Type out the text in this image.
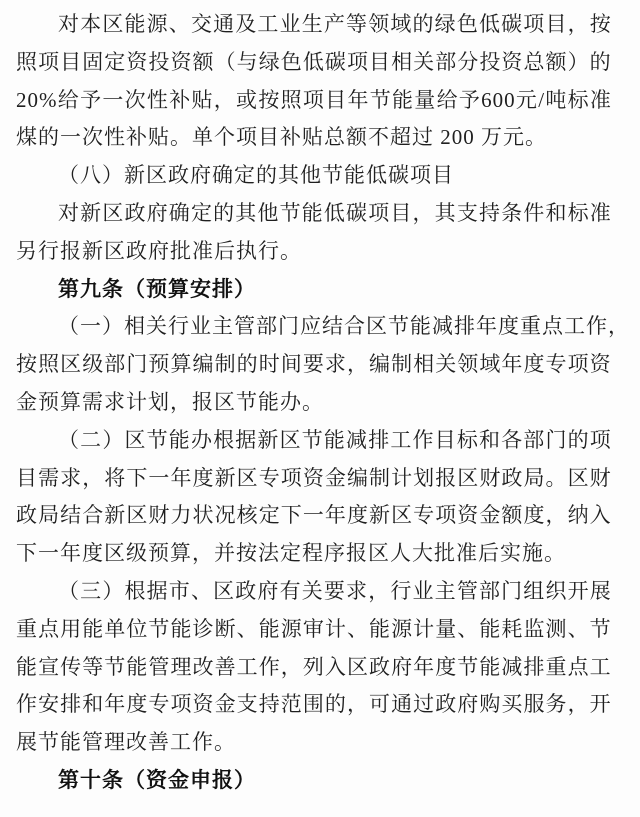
对 本 区 能 源 、 交 通 及 工 业 生 产 等 领 域 的 绿 色 低 碳 项 目 ， 按
照 项 目 固 定 资 投 资 额 （ 与 绿 色 低 碳 项 目 相 关 部 分 投 资 总 额 ） 的
20% 给 予 一 次 性 补 贴 ， 或 按 照 项 目 年 节 能 量 给 予 600 元 / 吨 标 准
煤的一次性补贴。单个项目补贴总额不超过 200 万元。
（八）新区政府确定的其他节能低碳项目
对 新 区 政 府 确 定 的 其 他 节 能 低 碳 项 目 ， 其 支 持 条 件 和 标 准
另行报新区政府批准后执行。
第九条（预算安排）
（ 一 ） 相 关 行 业 主 管 部 门 应 结 合 区 节 能 减 排 年 度 重 点 工 作 ，
按 照 区 级 部 门 预 算 编 制 的 时 间 要 求 ， 编 制 相 关 领 域 年 度 专 项 资
金预算需求计划，报区节能办。
（ 二 ） 区 节 能 办 根 据 新 区 节 能 减 排 工 作 目 标 和 各 部 门 的 项
目 需 求 ， 将 下 一 年 度 新 区 专 项 资 金 编 制 计 划 报 区 财 政 局 。 区 财
政 局 结 合 新 区 财 力 状 况 核 定 下 一 年 度 新 区 专 项 资 金 额 度 ， 纳 入
下一年度区级预算，并按法定程序报区人大批准后实施。
（ 三 ） 根 据 市 、 区 政 府 有 关 要 求 ， 行 业 主 管 部 门 组 织 开 展
重 点 用 能 单 位 节 能 诊 断 、 能 源 审 计 、 能 源 计 量 、 能 耗 监 测 、 节
能 宣 传 等 节 能 管 理 改 善 工 作 ， 列 入 区 政 府 年 度 节 能 减 排 重 点 工
作 安 排 和 年 度 专 项 资 金 支 持 范 围 的 ， 可 通 过 政 府 购 买 服 务 ， 开
展节能管理改善工作。
第十条（资金申报）
